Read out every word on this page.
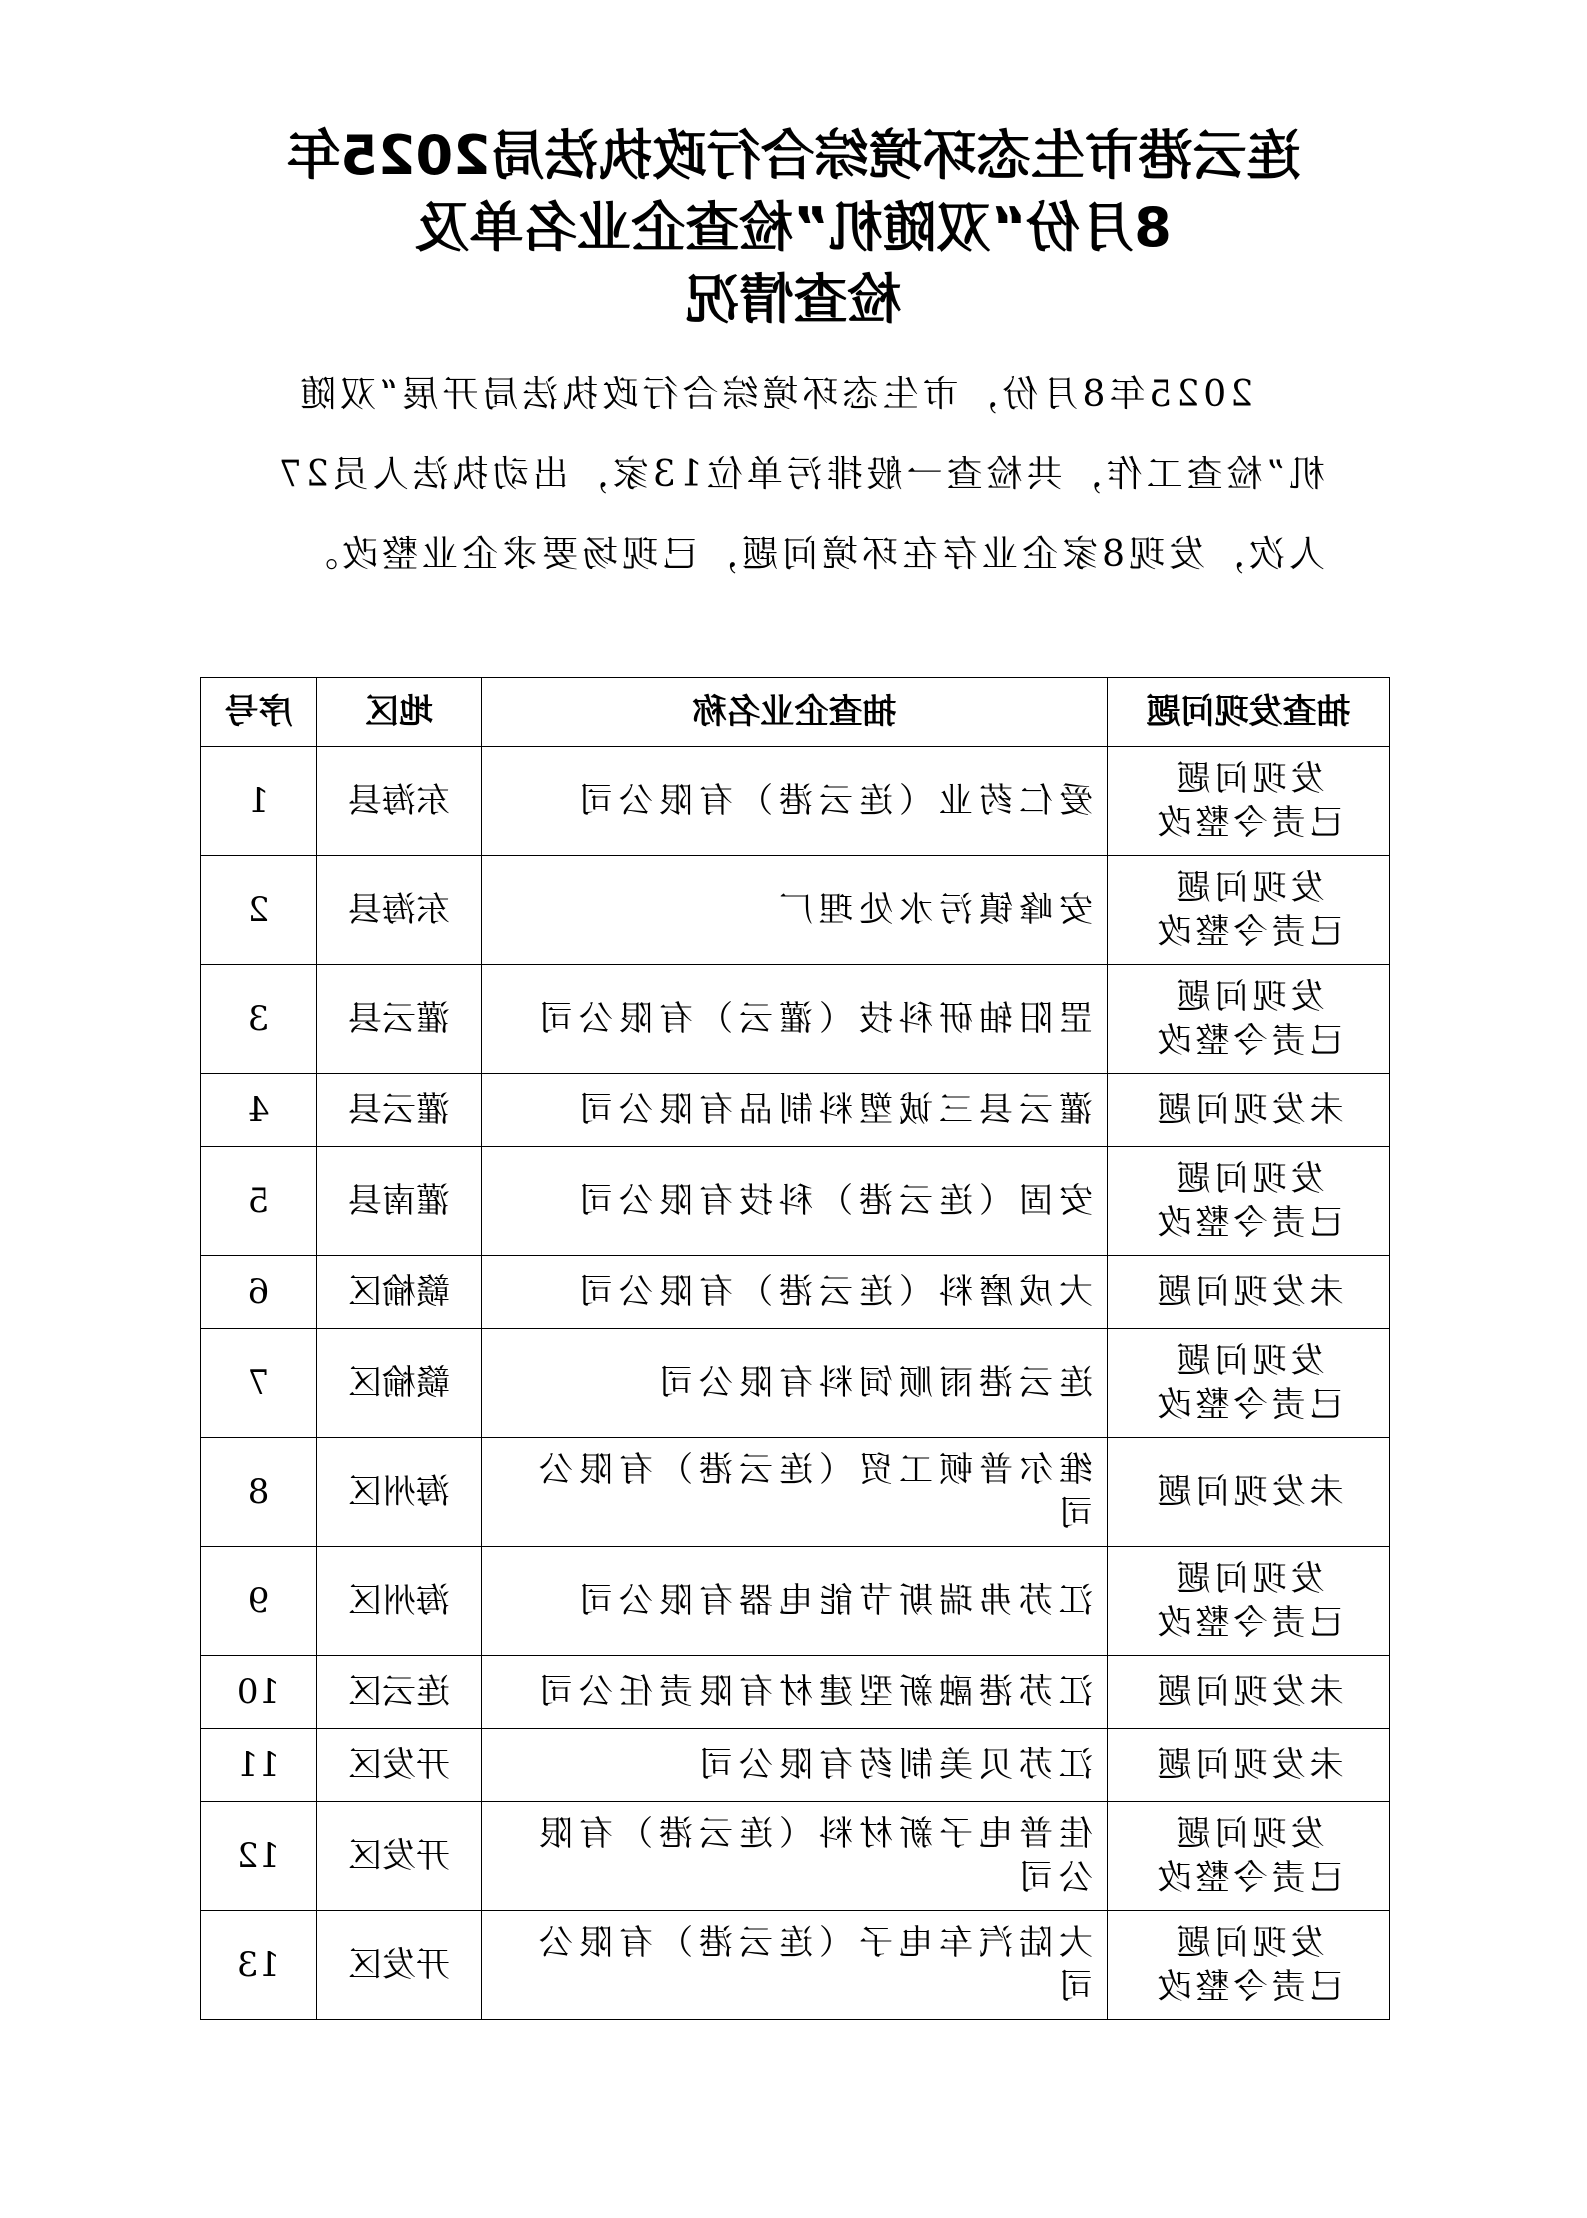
连云港市生态环境综合行政执法局2025年
8月份“双随机”检查企业名单及
检查情况

2025年8月份，市生态环境综合行政执法局开展“双随机”检查工作，共检查一般排污单位13家，出动执法人员27人次，发现8家企业存在环境问题，已现场要求企业整改。

抽查发现问题	抽查企业名称	地区	序号

发现问题
已责令整改	爱仁药业（连云港）有限公司	东海县	1

发现问题
已责令整改	安峰镇污水处理厂	东海县	2

发现问题
已责令整改	罡阳轴研科技（灌云）有限公司	灌云县	3

未发现问题	灌云县三诚塑料制品有限公司	灌云县	4

发现问题
已责令整改	安固（连云港）科技有限公司	灌南县	5

未发现问题	大成磨料（连云港）有限公司	赣榆区	6

发现问题
已责令整改	连云港雨顺饲料有限公司	赣榆区	7

未发现问题	维尔普顿工贸（连云港）有限公司	海州区	8

发现问题
已责令整改	江苏弗瑞斯节能电器有限公司	海州区	9

未发现问题	江苏港融新型建材有限责任公司	连云区	10

未发现问题	江苏贝美制药有限公司	开发区	11

发现问题
已责令整改	佳普电子新材料（连云港）有限公司	开发区	12

发现问题
已责令整改	大陆汽车电子（连云港）有限公司	开发区	13
